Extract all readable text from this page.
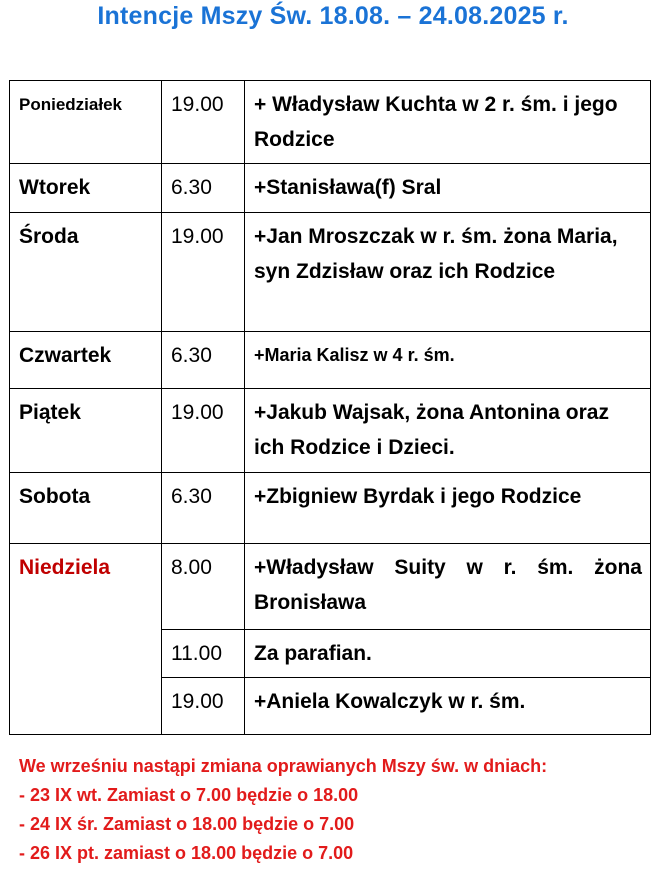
Intencje Mszy Św. 18.08. – 24.08.2025 r.
Poniedziałek	19.00	+ Władysław Kuchta w 2 r. śm. i jego Rodzice
Wtorek	6.30	+Stanisława(f) Sral
Środa	19.00	+Jan Mroszczak w r. śm. żona Maria, syn Zdzisław oraz ich Rodzice
Czwartek	6.30	+Maria Kalisz w 4 r. śm.
Piątek	19.00	+Jakub Wajsak, żona Antonina oraz ich Rodzice i Dzieci.
Sobota	6.30	+Zbigniew Byrdak i jego Rodzice
Niedziela	8.00	+Władysław Suity w r. śm. żona Bronisława
	11.00	Za parafian.
	19.00	+Aniela Kowalczyk w r. śm.
We wrześniu nastąpi zmiana oprawianych Mszy św. w dniach:
- 23 IX wt. Zamiast o 7.00 będzie o 18.00
- 24 IX śr. Zamiast o 18.00 będzie o 7.00
- 26 IX pt. zamiast o 18.00 będzie o 7.00
